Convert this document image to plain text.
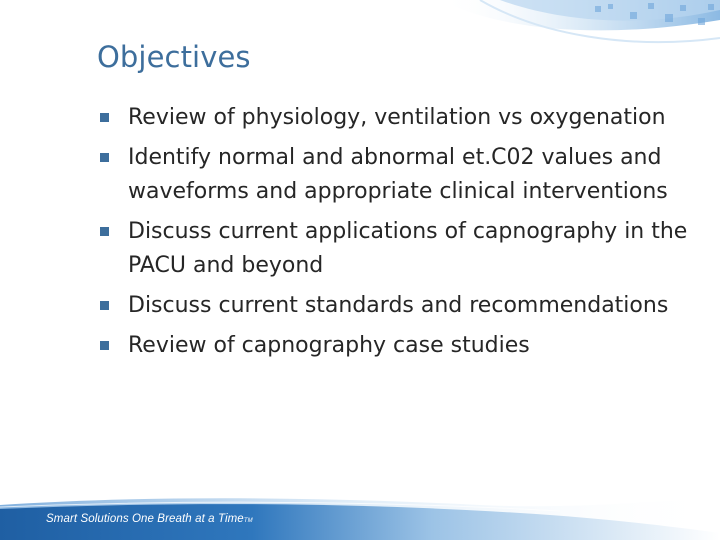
Objectives
Review of physiology, ventilation vs oxygenation
Identify normal and abnormal et.C02 values and waveforms and appropriate clinical interventions
Discuss current applications of capnography in the PACU and beyond
Discuss current standards and recommendations
Review of capnography case studies
Smart Solutions One Breath at a TimeTM
